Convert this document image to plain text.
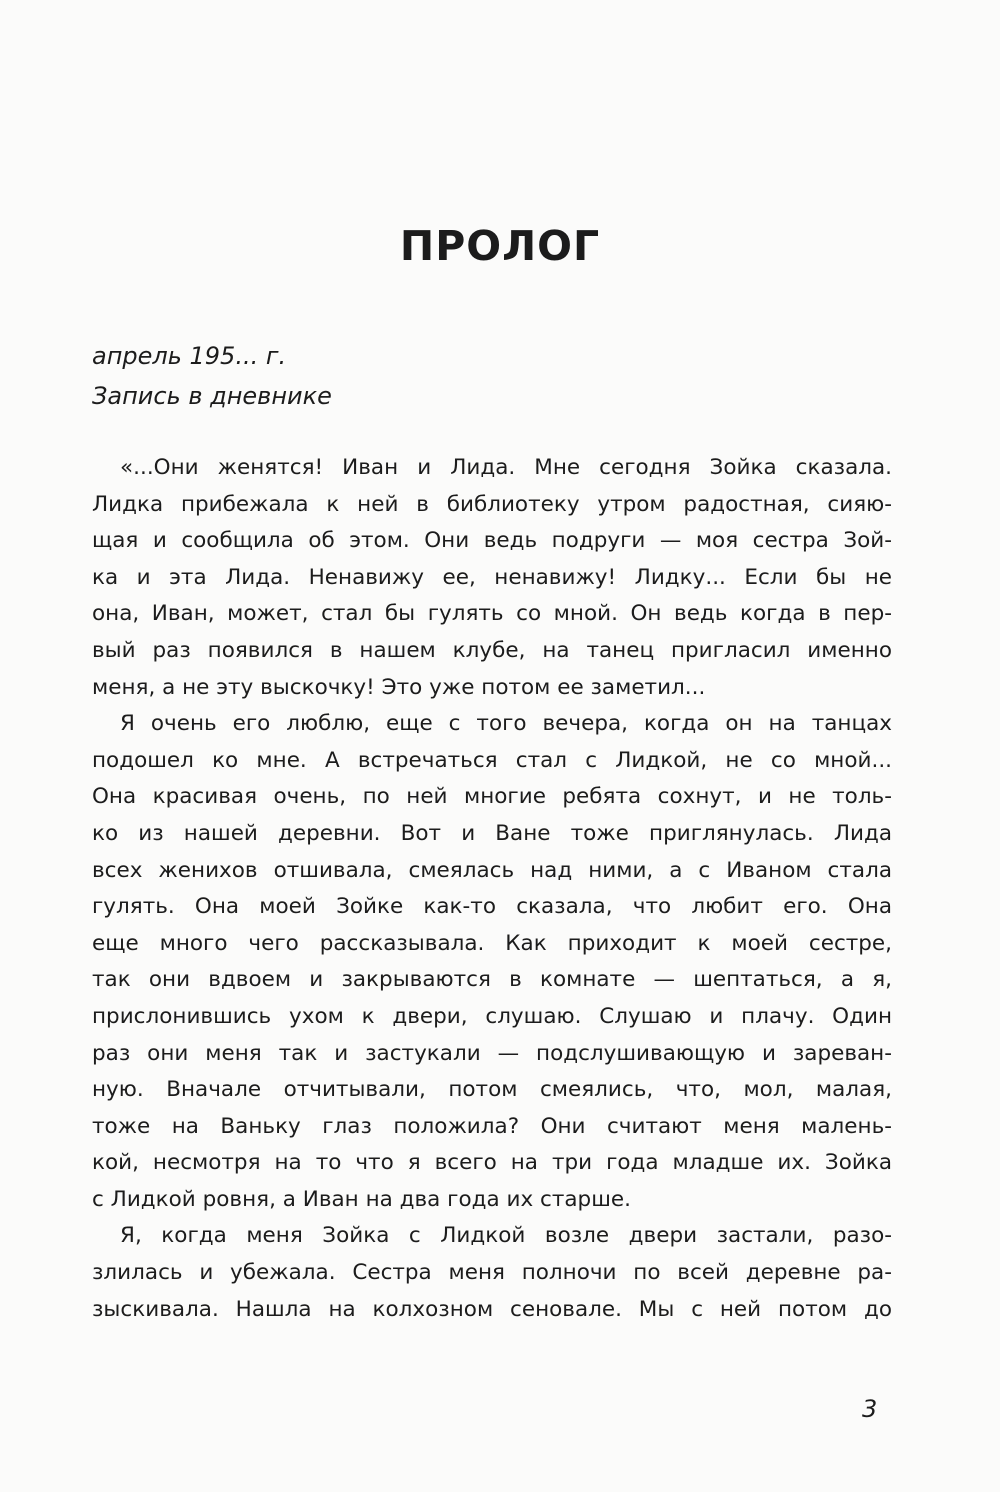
ПРОЛОГ
апрель 195... г.
Запись в дневнике
«...Они женятся! Иван и Лида. Мне сегодня Зойка сказала.
Лидка прибежала к ней в библиотеку утром радостная, сияю-
щая и сообщила об этом. Они ведь подруги — моя сестра Зой-
ка и эта Лида. Ненавижу ее, ненавижу! Лидку... Если бы не
она, Иван, может, стал бы гулять со мной. Он ведь когда в пер-
вый раз появился в нашем клубе, на танец пригласил именно
меня, а не эту выскочку! Это уже потом ее заметил...
Я очень его люблю, еще с того вечера, когда он на танцах
подошел ко мне. А встречаться стал с Лидкой, не со мной...
Она красивая очень, по ней многие ребята сохнут, и не толь-
ко из нашей деревни. Вот и Ване тоже приглянулась. Лида
всех женихов отшивала, смеялась над ними, а с Иваном стала
гулять. Она моей Зойке как-то сказала, что любит его. Она
еще много чего рассказывала. Как приходит к моей сестре,
так они вдвоем и закрываются в комнате — шептаться, а я,
прислонившись ухом к двери, слушаю. Слушаю и плачу. Один
раз они меня так и застукали — подслушивающую и зареван-
ную. Вначале отчитывали, потом смеялись, что, мол, малая,
тоже на Ваньку глаз положила? Они считают меня малень-
кой, несмотря на то что я всего на три года младше их. Зойка
с Лидкой ровня, а Иван на два года их старше.
Я, когда меня Зойка с Лидкой возле двери застали, разо-
злилась и убежала. Сестра меня полночи по всей деревне ра-
зыскивала. Нашла на колхозном сеновале. Мы с ней потом до
3
